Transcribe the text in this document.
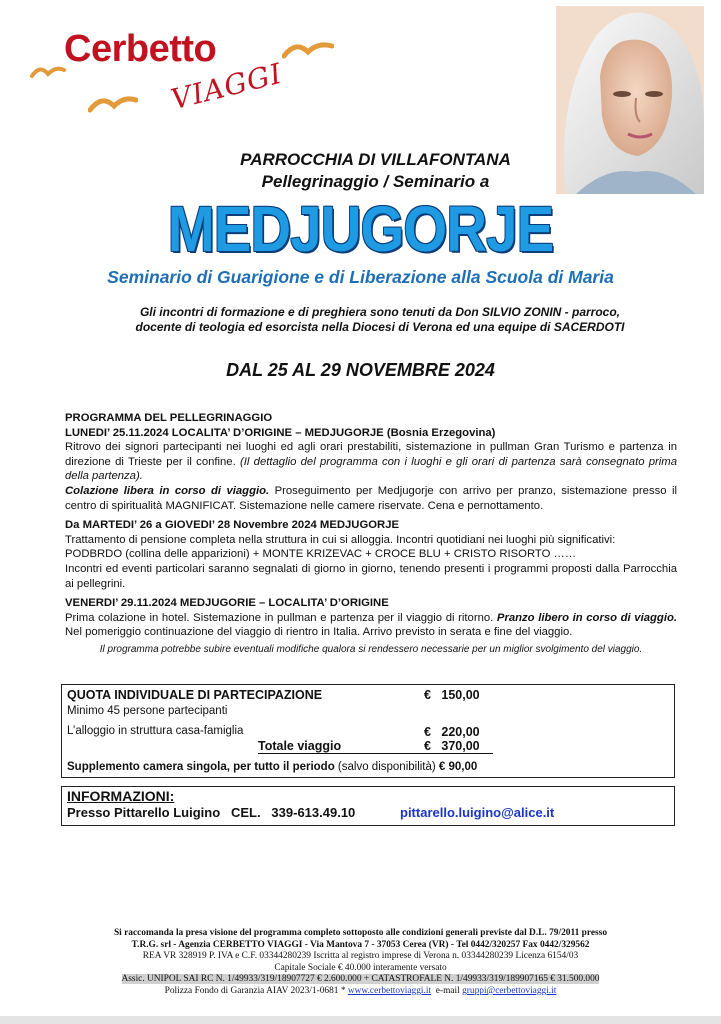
Cerbetto
VIAGGI
PARROCCHIA DI VILLAFONTANA
Pellegrinaggio / Seminario a
MEDJUGORJE
Seminario di Guarigione e di Liberazione alla Scuola di Maria
Gli incontri di formazione e di preghiera sono tenuti da Don SILVIO ZONIN - parroco,
docente di teologia ed esorcista nella Diocesi di Verona ed una equipe di SACERDOTI
DAL 25 AL 29 NOVEMBRE 2024

PROGRAMMA DEL PELLEGRINAGGIO

LUNEDI’ 25.11.2024 LOCALITA’ D’ORIGINE – MEDJUGORJE (Bosnia Erzegovina)

Ritrovo dei signori partecipanti nei luoghi ed agli orari prestabiliti, sistemazione in pullman Gran Turismo e partenza in direzione di Trieste per il confine. (Il dettaglio del programma con i luoghi e gli orari di partenza sarà consegnato prima della partenza).

Colazione libera in corso di viaggio. Proseguimento per Medjugorje con arrivo per pranzo, sistemazione presso il centro di spiritualità MAGNIFICAT. Sistemazione nelle camere riservate. Cena e pernottamento.

Da MARTEDI’ 26 a GIOVEDI’ 28 Novembre 2024 MEDJUGORJE

Trattamento di pensione completa nella struttura in cui si alloggia. Incontri quotidiani nei luoghi più significativi:

PODBRDO (collina delle apparizioni) + MONTE KRIZEVAC + CROCE BLU + CRISTO RISORTO ……

Incontri ed eventi particolari saranno segnalati di giorno in giorno, tenendo presenti i programmi proposti dalla Parrocchia ai pellegrini.

VENERDI’ 29.11.2024 MEDJUGORIE – LOCALITA’ D’ORIGINE

Prima colazione in hotel. Sistemazione in pullman e partenza per il viaggio di ritorno. Pranzo libero in corso di viaggio. Nel pomeriggio continuazione del viaggio di rientro in Italia. Arrivo previsto in serata e fine del viaggio.

Il programma potrebbe subire eventuali modifiche qualora si rendessero necessarie per un miglior svolgimento del viaggio.

QUOTA INDIVIDUALE DI PARTECIPAZIONE	€   150,00
Minimo 45 persone partecipanti
L’alloggio in struttura casa-famiglia	€   220,00
Totale viaggio	€   370,00
Supplemento camera singola, per tutto il periodo (salvo disponibilità) € 90,00
INFORMAZIONI:
Presso Pittarello Luigino   CEL.   339-613.49.10	pittarello.luigino@alice.it
Si raccomanda la presa visione del programma completo sottoposto alle condizioni generali previste dal D.L. 79/2011 presso
T.R.G. srl - Agenzia CERBETTO VIAGGI - Via Mantova 7 - 37053 Cerea (VR) - Tel 0442/320257 Fax 0442/329562
REA VR 328919 P. IVA e C.F. 03344280239 Iscritta al registro imprese di Verona n. 03344280239 Licenza 6154/03
Capitale Sociale € 40.000 interamente versato
Assic. UNIPOL SAI RC N. 1/49933/319/18907727 € 2.600.000 + CATASTROFALE N. 1/49933/319/189907165 € 31.500.000
Polizza Fondo di Garanzia AIAV 2023/1-0681 * www.cerbettoviaggi.it  e-mail gruppi@cerbettoviaggi.it
